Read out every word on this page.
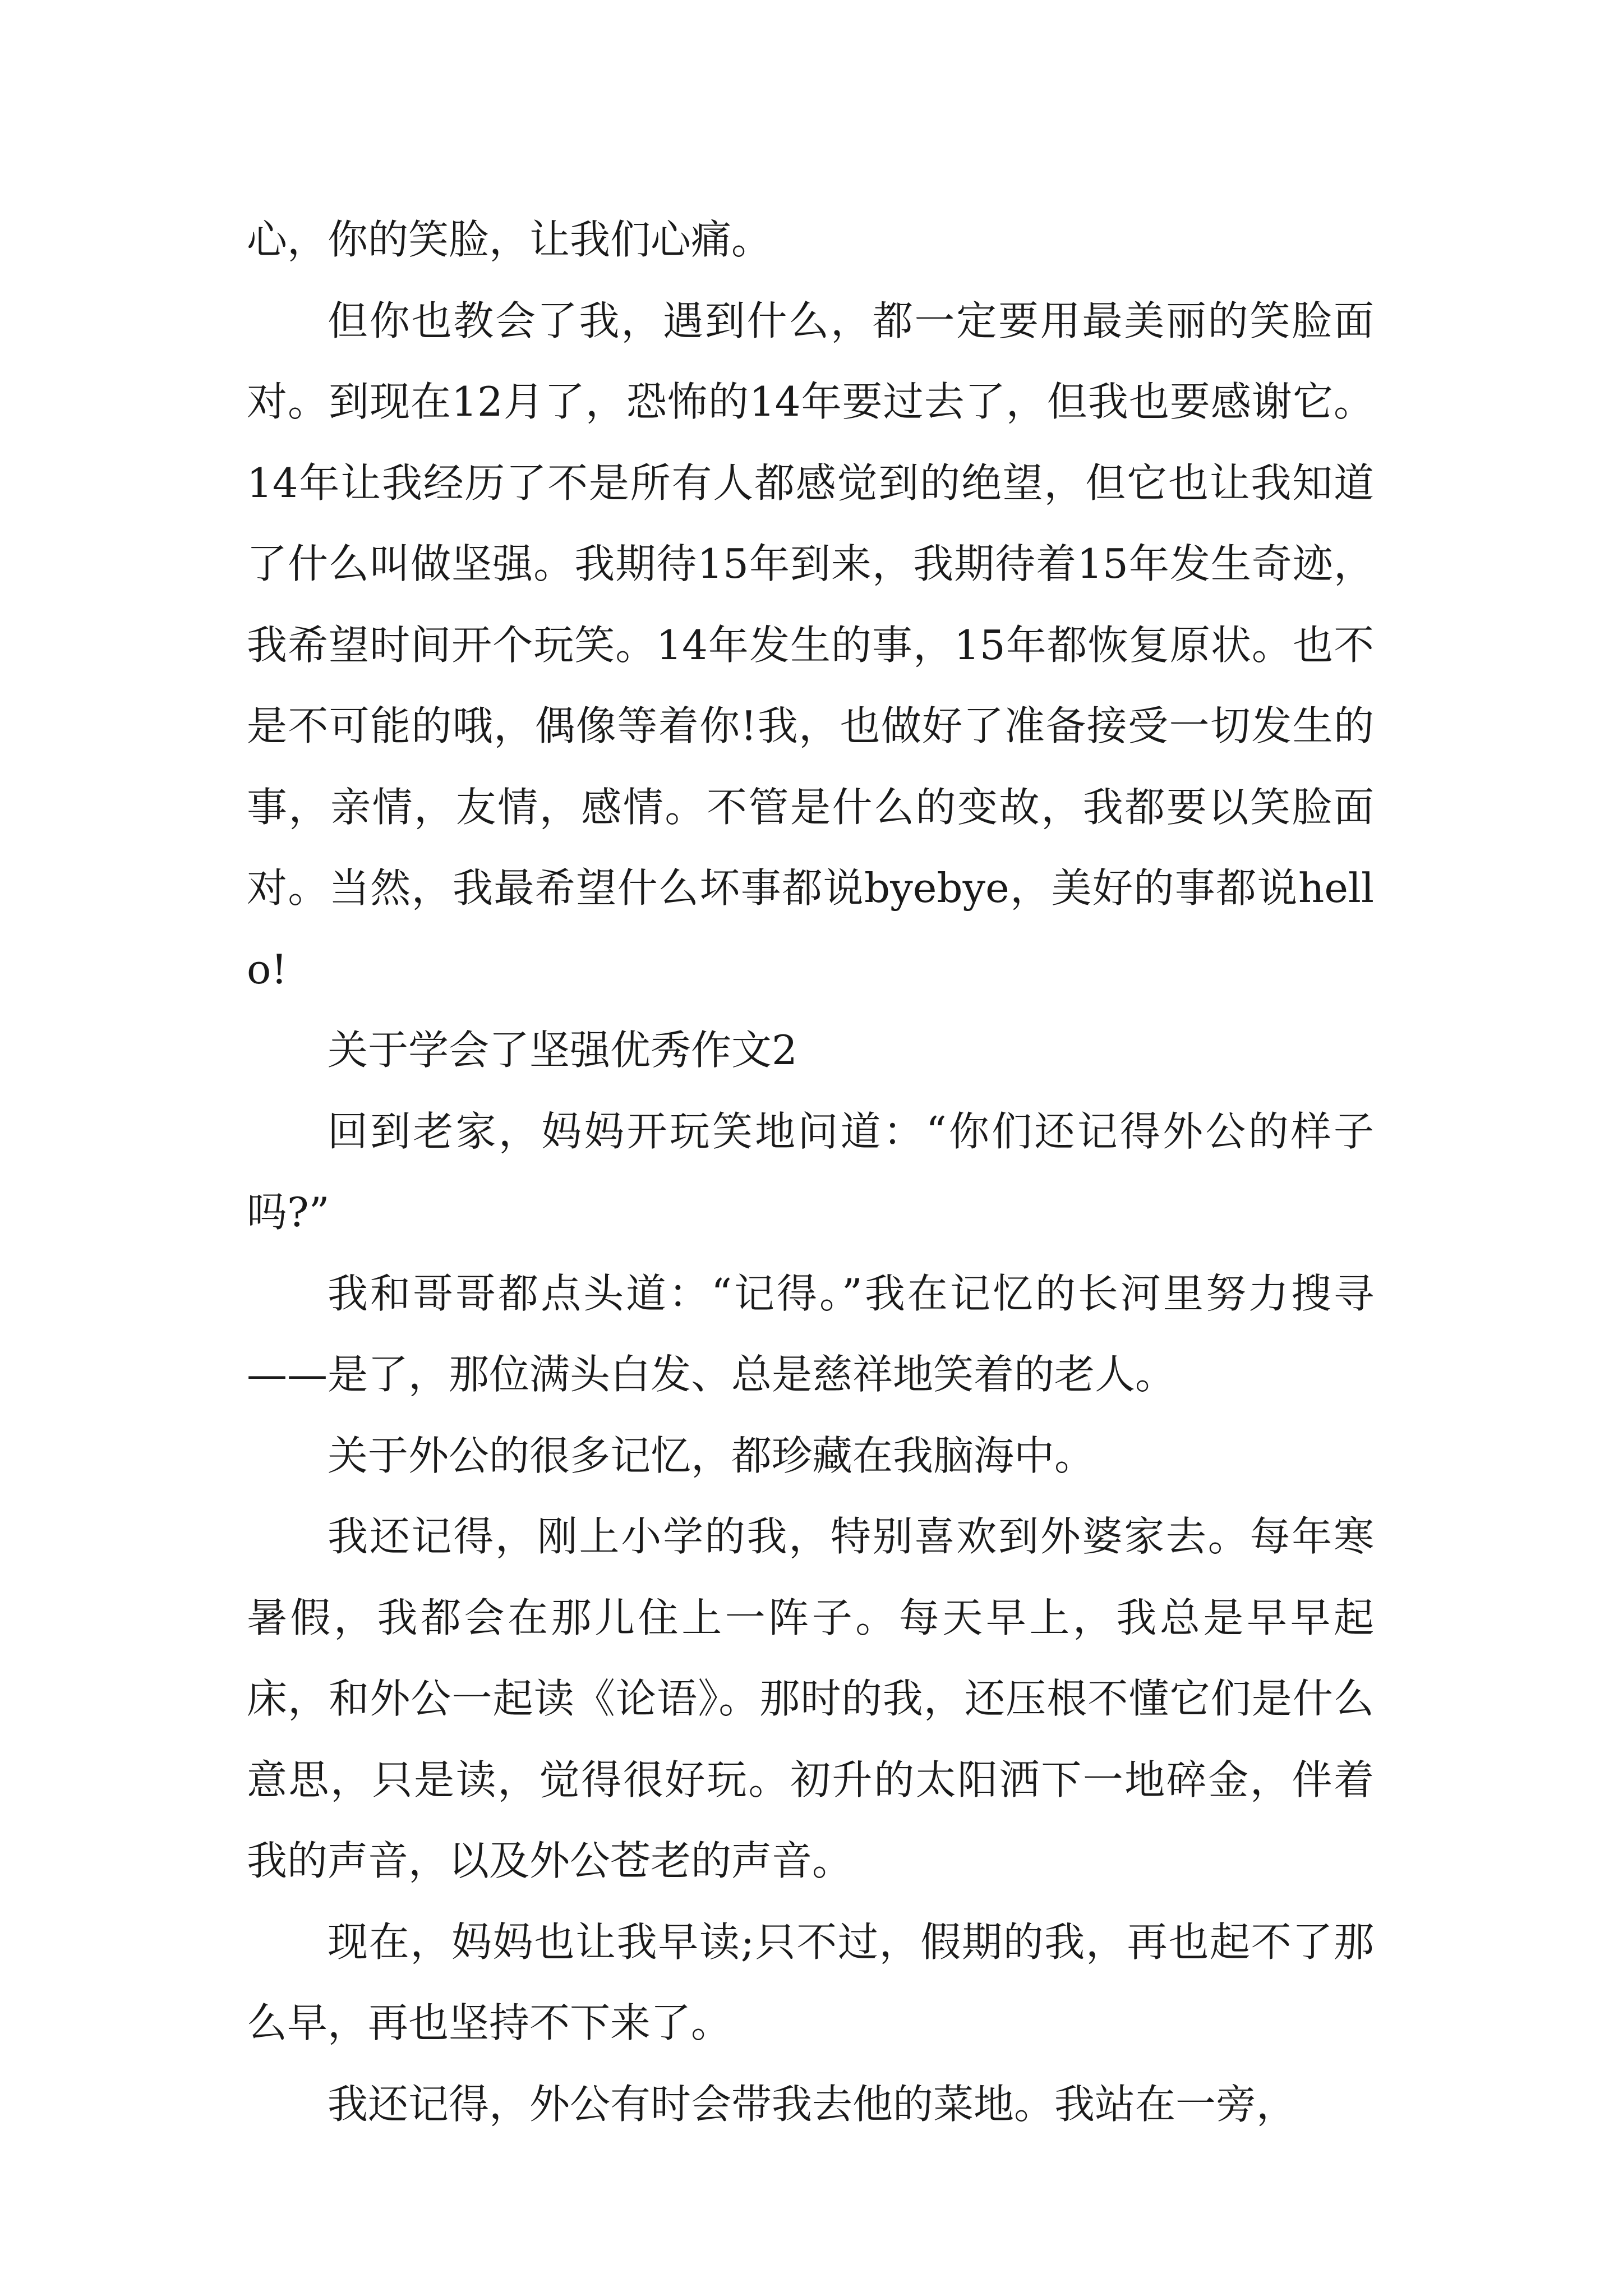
心，你的笑脸，让我们心痛。

但你也教会了我，遇到什么，都一定要用最美丽的笑脸面对。到现在12月了，恐怖的14年要过去了，但我也要感谢它。14年让我经历了不是所有人都感觉到的绝望，但它也让我知道了什么叫做坚强。我期待15年到来，我期待着15年发生奇迹，我希望时间开个玩笑。14年发生的事，15年都恢复原状。也不是不可能的哦，偶像等着你!我，也做好了准备接受一切发生的事，亲情，友情，感情。不管是什么的变故，我都要以笑脸面对。当然，我最希望什么坏事都说byebye，美好的事都说hello!

关于学会了坚强优秀作文2

回到老家，妈妈开玩笑地问道：“你们还记得外公的样子吗?”

我和哥哥都点头道：“记得。”我在记忆的长河里努力搜寻——是了，那位满头白发、总是慈祥地笑着的老人。

关于外公的很多记忆，都珍藏在我脑海中。

我还记得，刚上小学的我，特别喜欢到外婆家去。每年寒暑假，我都会在那儿住上一阵子。每天早上，我总是早早起床，和外公一起读《论语》。那时的我，还压根不懂它们是什么意思，只是读，觉得很好玩。初升的太阳洒下一地碎金，伴着我的声音，以及外公苍老的声音。

现在，妈妈也让我早读;只不过，假期的我，再也起不了那么早，再也坚持不下来了。

我还记得，外公有时会带我去他的菜地。我站在一旁，
